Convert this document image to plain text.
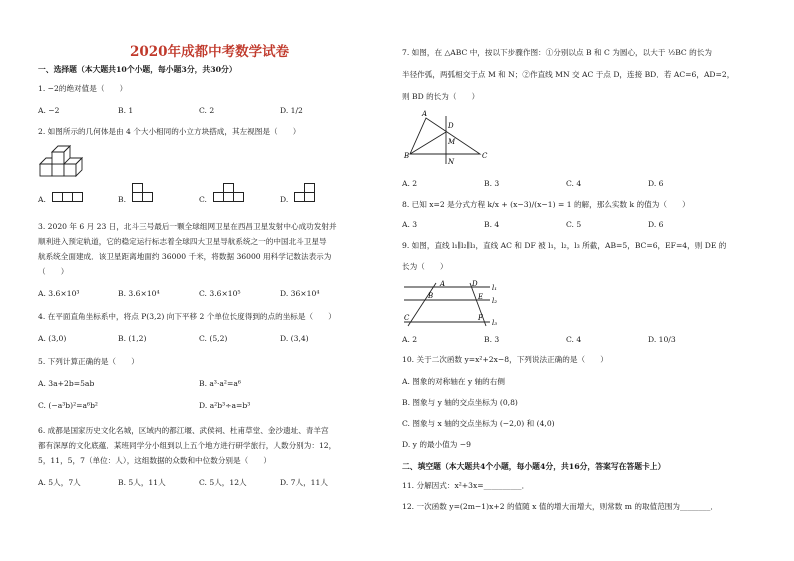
2020年成都中考数学试卷
一、选择题（本大题共10个小题，每小题3分，共30分）
1. −2的绝对值是（　　）
A. −2	B. 1	C. 2	D. 1/2
2. 如图所示的几何体是由 4 个大小相同的小立方块搭成，其左视图是（　　）
A.	B.	C.	D.
3. 2020 年 6 月 23 日，北斗三号最后一颗全球组网卫星在西昌卫星发射中心成功发射并
顺利进入预定轨道，它的稳定运行标志着全球四大卫星导航系统之一的中国北斗卫星导
航系统全面建成．该卫星距离地面约 36000 千米，将数据 36000 用科学记数法表示为
（　　）
A. 3.6×10³	B. 3.6×10⁴	C. 3.6×10⁵	D. 36×10⁴
4. 在平面直角坐标系中，将点 P(3,2) 向下平移 2 个单位长度得到的点的坐标是（　　）
A. (3,0)	B. (1,2)	C. (5,2)	D. (3,4)
5. 下列计算正确的是（　　）
A. 3a+2b=5ab	B. a³·a²=a⁶
C. (−a³b)²=a⁶b²	D. a²b³÷a=b³
6. 成都是国家历史文化名城，区域内的都江堰、武侯祠、杜甫草堂、金沙遗址、青羊宫
都有深厚的文化底蕴．某班同学分小组到以上五个地方进行研学旅行，人数分别为：12，
5，11，5，7（单位：人），这组数据的众数和中位数分别是（　　）
A. 5人，7人	B. 5人，11人	C. 5人，12人	D. 7人，11人
7. 如图，在 △ABC 中，按以下步骤作图：①分别以点 B 和 C 为圆心，以大于 ½BC 的长为
半径作弧，两弧相交于点 M 和 N；②作直线 MN 交 AC 于点 D，连接 BD．若 AC=6，AD=2，
则 BD 的长为（　　）
A
D
M
B
N
C
A. 2	B. 3	C. 4	D. 6
8. 已知 x=2 是分式方程 k/x + (x−3)/(x−1) = 1 的解，那么实数 k 的值为（　　）
A. 3	B. 4	C. 5	D. 6
9. 如图，直线 l₁∥l₂∥l₃，直线 AC 和 DF 被 l₁，l₂，l₃ 所截，AB=5，BC=6，EF=4，则 DE 的
长为（　　）
A	D l₁
B	E l₂
C	F
l₃
A. 2	B. 3	C. 4	D. 10/3
10. 关于二次函数 y=x²+2x−8，下列说法正确的是（　　）
A. 图象的对称轴在 y 轴的右侧
B. 图象与 y 轴的交点坐标为 (0,8)
C. 图象与 x 轴的交点坐标为 (−2,0) 和 (4,0)
D. y 的最小值为 −9
二、填空题（本大题共4个小题，每小题4分，共16分，答案写在答题卡上）
11. 分解因式：x²+3x=__________．
12. 一次函数 y=(2m−1)x+2 的值随 x 值的增大而增大，则常数 m 的取值范围为________．
